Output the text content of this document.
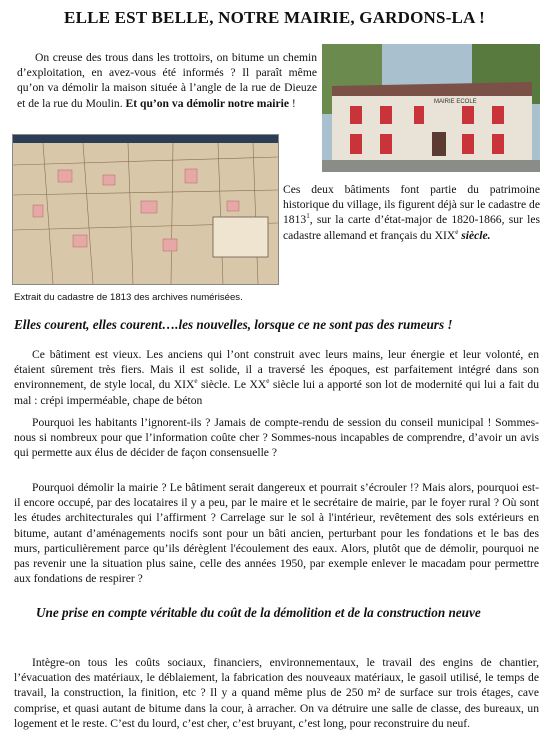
ELLE EST BELLE, NOTRE MAIRIE, GARDONS-LA !

On creuse des trous dans les trottoirs, on bitume un chemin d’exploitation, en avez-vous été informés ? Il paraît même qu’on va démolir la maison située à l’angle de la rue de Dieuze et de la rue du Moulin. Et qu’on va démolir notre mairie !	MAIRIE ECOLE

Ces deux bâtiments font partie du patrimoine historique du village, ils figurent déjà sur le cadastre de 1813$^1$, sur la carte d’état-major de 1820-1866, sur les cadastre allemand et français du XIXe siècle.

Extrait du cadastre de 1813 des archives numérisées.
Elles courent, elles courent….les nouvelles, lorsque ce ne sont pas des rumeurs !

Ce bâtiment est vieux. Les anciens qui l’ont construit avec leurs mains, leur énergie et leur volonté, en étaient sûrement très fiers. Mais il est solide, il a traversé les époques, est parfaitement intégré dans son environnement, de style local, du XIXe siècle. Le XXe siècle lui a apporté son lot de modernité qui lui a fait du mal : crépi imperméable, chape de béton

Pourquoi les habitants l’ignorent-ils ? Jamais de compte-rendu de session du conseil municipal ! Sommes-nous si nombreux pour que l’information coûte cher ? Sommes-nous incapables de comprendre, d’avoir un avis qui permette aux élus de décider de façon consensuelle ?

Pourquoi démolir la mairie ? Le bâtiment serait dangereux et pourrait s’écrouler !? Mais alors, pourquoi est-il encore occupé, par des locataires il y a peu, par le maire et le secrétaire de mairie, par le foyer rural ? Où sont les études architecturales qui l’affirment ? Carrelage sur le sol à l'intérieur, revêtement des sols extérieurs en bitume, autant d’aménagements nocifs sont pour un bâti ancien, perturbant pour les fondations et le bas des murs, particulièrement parce qu’ils dérèglent l'écoulement des eaux. Alors, plutôt que de démolir, pourquoi ne pas revenir une la situation plus saine, celle des années 1950, par exemple enlever le macadam pour permettre aux fondations de respirer ?

Une prise en compte véritable du coût de la démolition et de la construction neuve

Intègre-on tous les coûts sociaux, financiers, environnementaux, le travail des engins de chantier, l’évacuation des matériaux, le déblaiement, la fabrication des nouveaux matériaux, le gasoil utilisé, le temps de travail, la construction, la finition, etc ? Il y a quand même plus de 250 m² de surface sur trois étages, cave comprise, et quasi autant de bitume dans la cour, à arracher. On va détruire une salle de classe, des bureaux, un logement et le reste. C’est du lourd, c’est cher, c’est bruyant, c’est long, pour reconstruire du neuf.
